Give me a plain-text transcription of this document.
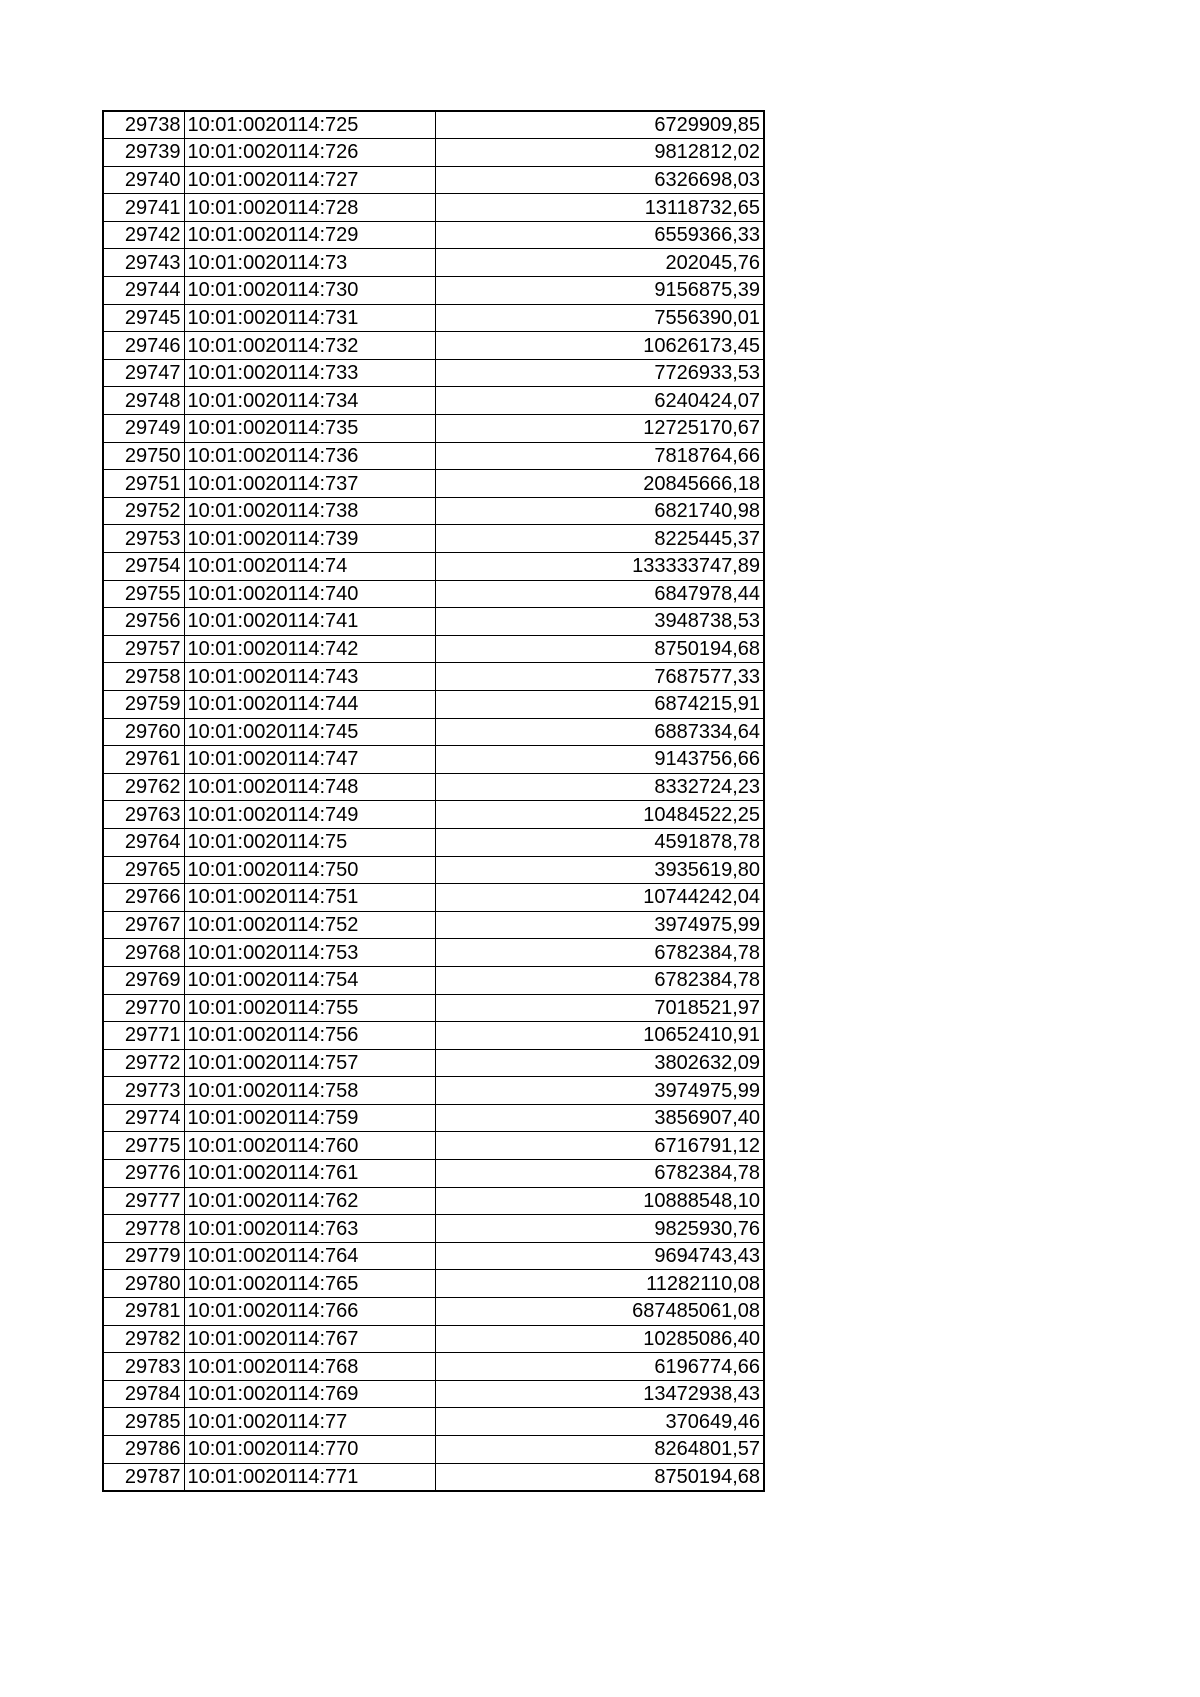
29738	10:01:0020114:725	6729909,85
29739	10:01:0020114:726	9812812,02
29740	10:01:0020114:727	6326698,03
29741	10:01:0020114:728	13118732,65
29742	10:01:0020114:729	6559366,33
29743	10:01:0020114:73	202045,76
29744	10:01:0020114:730	9156875,39
29745	10:01:0020114:731	7556390,01
29746	10:01:0020114:732	10626173,45
29747	10:01:0020114:733	7726933,53
29748	10:01:0020114:734	6240424,07
29749	10:01:0020114:735	12725170,67
29750	10:01:0020114:736	7818764,66
29751	10:01:0020114:737	20845666,18
29752	10:01:0020114:738	6821740,98
29753	10:01:0020114:739	8225445,37
29754	10:01:0020114:74	133333747,89
29755	10:01:0020114:740	6847978,44
29756	10:01:0020114:741	3948738,53
29757	10:01:0020114:742	8750194,68
29758	10:01:0020114:743	7687577,33
29759	10:01:0020114:744	6874215,91
29760	10:01:0020114:745	6887334,64
29761	10:01:0020114:747	9143756,66
29762	10:01:0020114:748	8332724,23
29763	10:01:0020114:749	10484522,25
29764	10:01:0020114:75	4591878,78
29765	10:01:0020114:750	3935619,80
29766	10:01:0020114:751	10744242,04
29767	10:01:0020114:752	3974975,99
29768	10:01:0020114:753	6782384,78
29769	10:01:0020114:754	6782384,78
29770	10:01:0020114:755	7018521,97
29771	10:01:0020114:756	10652410,91
29772	10:01:0020114:757	3802632,09
29773	10:01:0020114:758	3974975,99
29774	10:01:0020114:759	3856907,40
29775	10:01:0020114:760	6716791,12
29776	10:01:0020114:761	6782384,78
29777	10:01:0020114:762	10888548,10
29778	10:01:0020114:763	9825930,76
29779	10:01:0020114:764	9694743,43
29780	10:01:0020114:765	11282110,08
29781	10:01:0020114:766	687485061,08
29782	10:01:0020114:767	10285086,40
29783	10:01:0020114:768	6196774,66
29784	10:01:0020114:769	13472938,43
29785	10:01:0020114:77	370649,46
29786	10:01:0020114:770	8264801,57
29787	10:01:0020114:771	8750194,68
